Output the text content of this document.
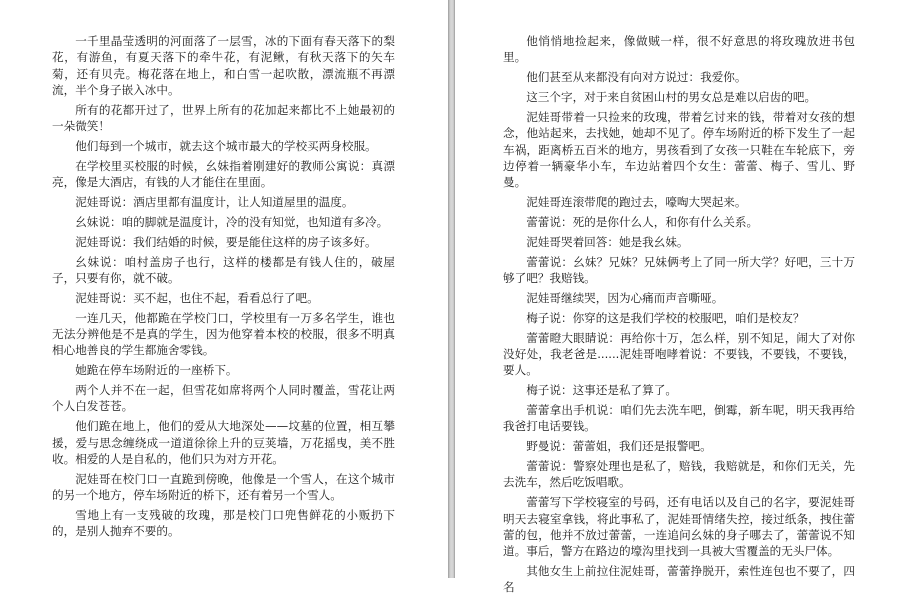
一千里晶莹透明的河面落了一层雪，冰的下面有春天落下的梨花，有游鱼，有夏天落下的牵牛花，有泥鳅，有秋天落下的矢车菊，还有贝壳。梅花落在地上，和白雪一起吹散，漂流瓶不再漂流，半个身子嵌入冰中。

所有的花都开过了，世界上所有的花加起来都比不上她最初的一朵微笑！

他们每到一个城市，就去这个城市最大的学校买两身校服。

在学校里买校服的时候，幺妹指着刚建好的教师公寓说：真漂亮，像是大酒店，有钱的人才能住在里面。

泥娃哥说：酒店里都有温度计，让人知道屋里的温度。

幺妹说：咱的脚就是温度计，冷的没有知觉，也知道有多冷。

泥娃哥说：我们结婚的时候，要是能住这样的房子该多好。

幺妹说：咱村盖房子也行，这样的楼都是有钱人住的，破屋子，只要有你，就不破。

泥娃哥说：买不起，也住不起，看看总行了吧。

一连几天，他都跪在学校门口，学校里有一万多名学生，谁也无法分辨他是不是真的学生，因为他穿着本校的校服，很多不明真相心地善良的学生都施舍零钱。

她跪在停车场附近的一座桥下。

两个人并不在一起，但雪花如席将两个人同时覆盖，雪花让两个人白发苍苍。

他们跪在地上，他们的爱从大地深处——坟墓的位置，相互攀援，爱与思念缠绕成一道道徐徐上升的豆荚墙，万花摇曳，美不胜收。相爱的人是自私的，他们只为对方开花。

泥娃哥在校门口一直跪到傍晚，他像是一个雪人，在这个城市的另一个地方，停车场附近的桥下，还有着另一个雪人。

雪地上有一支残破的玫瑰，那是校门口兜售鲜花的小贩扔下的，是别人抛弃不要的。

他悄悄地捡起来，像做贼一样，很不好意思的将玫瑰放进书包里。

他们甚至从来都没有向对方说过：我爱你。

这三个字，对于来自贫困山村的男女总是难以启齿的吧。

泥娃哥带着一只捡来的玫瑰，带着乞讨来的钱，带着对女孩的想念，他站起来，去找她，她却不见了。停车场附近的桥下发生了一起车祸，距离桥五百米的地方，男孩看到了女孩一只鞋在车轮底下，旁边停着一辆豪华小车，车边站着四个女生：蕾蕾、梅子、雪儿、野曼。

泥娃哥连滚带爬的跑过去，嚎啕大哭起来。

蕾蕾说：死的是你什么人，和你有什么关系。

泥娃哥哭着回答：她是我幺妹。

蕾蕾说：幺妹？兄妹？兄妹俩考上了同一所大学？好吧，三十万够了吧？我赔钱。

泥娃哥继续哭，因为心痛而声音嘶哑。

梅子说：你穿的这是我们学校的校服吧，咱们是校友？

蕾蕾瞪大眼睛说：再给你十万，怎么样，别不知足，闹大了对你没好处，我老爸是......泥娃哥咆哮着说：不要钱，不要钱，不要钱，要人。

梅子说：这事还是私了算了。

蕾蕾拿出手机说：咱们先去洗车吧，倒霉，新车呢，明天我再给我爸打电话要钱。

野曼说：蕾蕾姐，我们还是报警吧。

蕾蕾说：警察处理也是私了，赔钱，我赔就是，和你们无关，先去洗车，然后吃饭唱歌。

蕾蕾写下学校寝室的号码，还有电话以及自己的名字，要泥娃哥明天去寝室拿钱，将此事私了，泥娃哥情绪失控，接过纸条，拽住蕾蕾的包，他并不放过蕾蕾，一连追问幺妹的身子哪去了，蕾蕾说不知道。事后，警方在路边的壕沟里找到一具被大雪覆盖的无头尸体。

其他女生上前拉住泥娃哥，蕾蕾挣脱开，索性连包也不要了，四名
